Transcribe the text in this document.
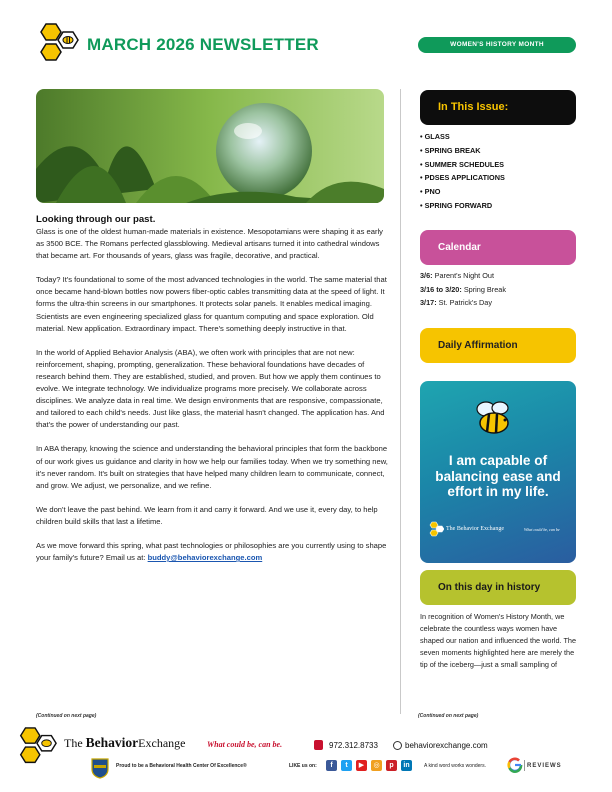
MARCH 2026 NEWSLETTER	WOMEN'S HISTORY MONTH
Looking through our past.

Glass is one of the oldest human-made materials in existence. Mesopotamians were shaping it as early as 3500 BCE. The Romans perfected glassblowing. Medieval artisans turned it into cathedral windows that became art. For thousands of years, glass was fragile, decorative, and practical.

Today? It's foundational to some of the most advanced technologies in the world. The same material that once became hand-blown bottles now powers fiber-optic cables transmitting data at the speed of light. It forms the ultra-thin screens in our smartphones. It protects solar panels. It enables medical imaging. Scientists are even engineering specialized glass for quantum computing and space exploration. Old material. New application. Extraordinary impact. There's something deeply instructive in that.

In the world of Applied Behavior Analysis (ABA), we often work with principles that are not new: reinforcement, shaping, prompting, generalization. These behavioral foundations have decades of research behind them. They are established, studied, and proven. But how we apply them continues to evolve. We integrate technology. We individualize programs more precisely. We collaborate across disciplines. We analyze data in real time. We design environments that are responsive, compassionate, and tailored to each child's needs. Just like glass, the material hasn't changed. The application has. And that's the power of understanding our past.

In ABA therapy, knowing the science and understanding the behavioral principles that form the backbone of our work gives us guidance and clarity in how we help our families today. When we try something new, it's never random. It's built on strategies that have helped many children learn to communicate, connect, and grow. We adjust, we personalize, and we refine.

We don't leave the past behind. We learn from it and carry it forward. And we use it, every day, to help children build skills that last a lifetime.

As we move forward this spring, what past technologies or philosophies are you currently using to shape your family's future? Email us at: buddy@behaviorexchange.com

(Continued on next page)
In This Issue:
• GLASS
• SPRING BREAK
• SUMMER SCHEDULES
• PDSES APPLICATIONS
• PNO
• SPRING FORWARD
Calendar
3/6: Parent's Night Out
3/16 to 3/20: Spring Break
3/17: St. Patrick's Day
Daily Affirmation
I am capable of balancing ease and effort in my life.
The Behavior Exchange	What could be, can be
On this day in history
In recognition of Women's History Month, we celebrate the countless ways women have shaped our nation and influenced the world. The seven moments highlighted here are merely the tip of the iceberg—just a small sampling of
(Continued on next page)
The BehaviorExchange	What could be, can be.	972.312.8733	behaviorexchange.com
Proud to be a Behavioral Health Center Of Excellence®	LIKE us on:	f	t	▶	◎	p	in	A kind word works wonders.	REVIEWS
